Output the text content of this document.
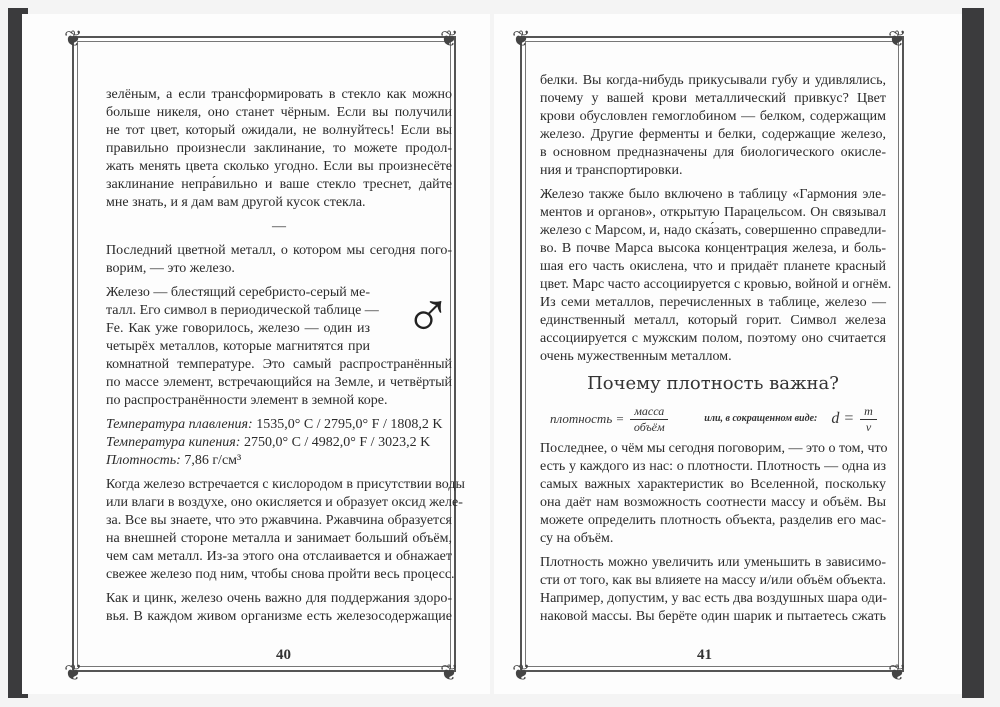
❦	❦
❦	❦
❦	❦
❦	❦
зелёным, а если трансформировать в стекло как можно
больше никеля, оно станет чёрным. Если вы получили
не тот цвет, который ожидали, не волнуйтесь! Если вы
правильно произнесли заклинание, то можете продол-
жать менять цвета сколько угодно. Если вы произнесёте
заклинание непра́вильно и ваше стекло треснет, дайте
мне знать, и я дам вам другой кусок стекла.
—
Последний цветной металл, о котором мы сегодня пого-
ворим, — это железо.
♂
Железо — блестящий серебристо-серый ме-
талл. Его символ в периодической таблице —
Fe. Как уже говорилось, железо — один из
четырёх металлов, которые магнитятся при
комнатной температуре. Это самый распространённый
по массе элемент, встречающийся на Земле, и четвёртый
по распространённости элемент в земной коре.
Температура плавления: 1535,0° C / 2795,0° F / 1808,2 K
Температура кипения: 2750,0° C / 4982,0° F / 3023,2 K
Плотность: 7,86 г/см³
Когда железо встречается с кислородом в присутствии воды
или влаги в воздухе, оно окисляется и образует оксид желе-
за. Все вы знаете, что это ржавчина. Ржавчина образуется
на внешней стороне металла и занимает больший объём,
чем сам металл. Из-за этого она отслаивается и обнажает
свежее железо под ним, чтобы снова пройти весь процесс.
Как и цинк, железо очень важно для поддержания здоро-
вья. В каждом живом организме есть железосодержащие
40
белки. Вы когда-нибудь прикусывали губу и удивлялись,
почему у вашей крови металлический привкус? Цвет
крови обусловлен гемоглобином — белком, содержащим
железо. Другие ферменты и белки, содержащие железо,
в основном предназначены для биологического окисле-
ния и транспортировки.
Железо также было включено в таблицу «Гармония эле-
ментов и органов», открытую Парацельсом. Он связывал
железо с Марсом, и, надо ска́зать, совершенно справедли-
во. В почве Марса высока концентрация железа, и боль-
шая его часть окислена, что и придаёт планете красный
цвет. Марс часто ассоциируется с кровью, войной и огнём.
Из семи металлов, перечисленных в таблице, железо —
единственный металл, который горит. Символ железа
ассоциируется с мужским полом, поэтому оно считается
очень мужественным металлом.
Почему плотность важна?
плотность = $\frac{\text{масса}}{\text{объём}}$	или, в сокращенном виде: $d = \frac{m}{v}$
Последнее, о чём мы сегодня поговорим, — это о том, что
есть у каждого из нас: о плотности. Плотность — одна из
самых важных характеристик во Вселенной, поскольку
она даёт нам возможность соотнести массу и объём. Вы
можете определить плотность объекта, разделив его мас-
су на объём.
Плотность можно увеличить или уменьшить в зависимо-
сти от того, как вы влияете на массу и/или объём объекта.
Например, допустим, у вас есть два воздушных шара оди-
наковой массы. Вы берёте один шарик и пытаетесь сжать
41
